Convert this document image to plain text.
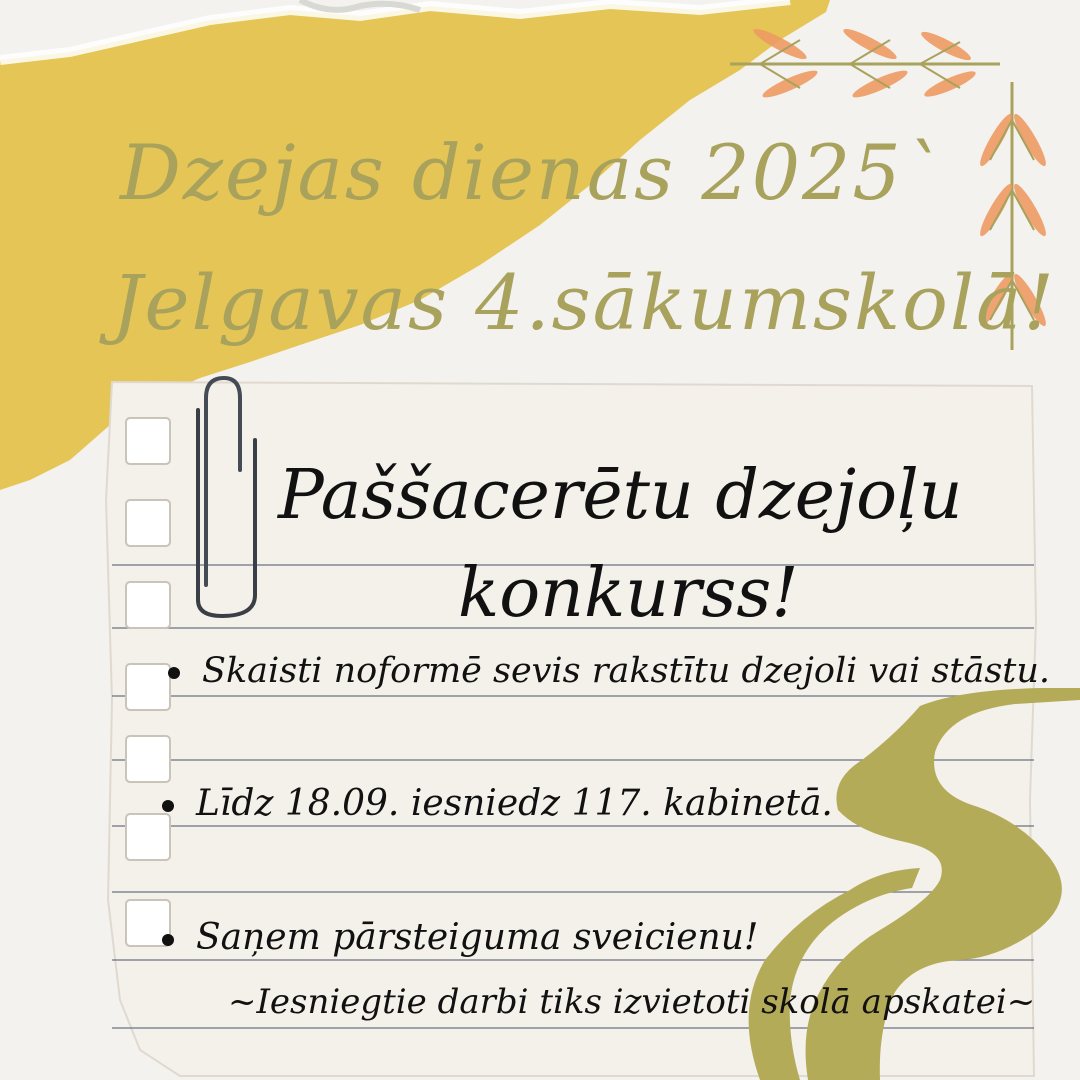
Dzejas dienas 2025`
Jelgavas 4.sākumskolā!
Paššacerētu dzejoļu
konkurss!
Skaisti noformē sevis rakstītu dzejoli vai stāstu.
Līdz 18.09. iesniedz 117. kabinetā.
Saņem pārsteiguma sveicienu!

~Iesniegtie darbi tiks izvietoti skolā apskatei~
